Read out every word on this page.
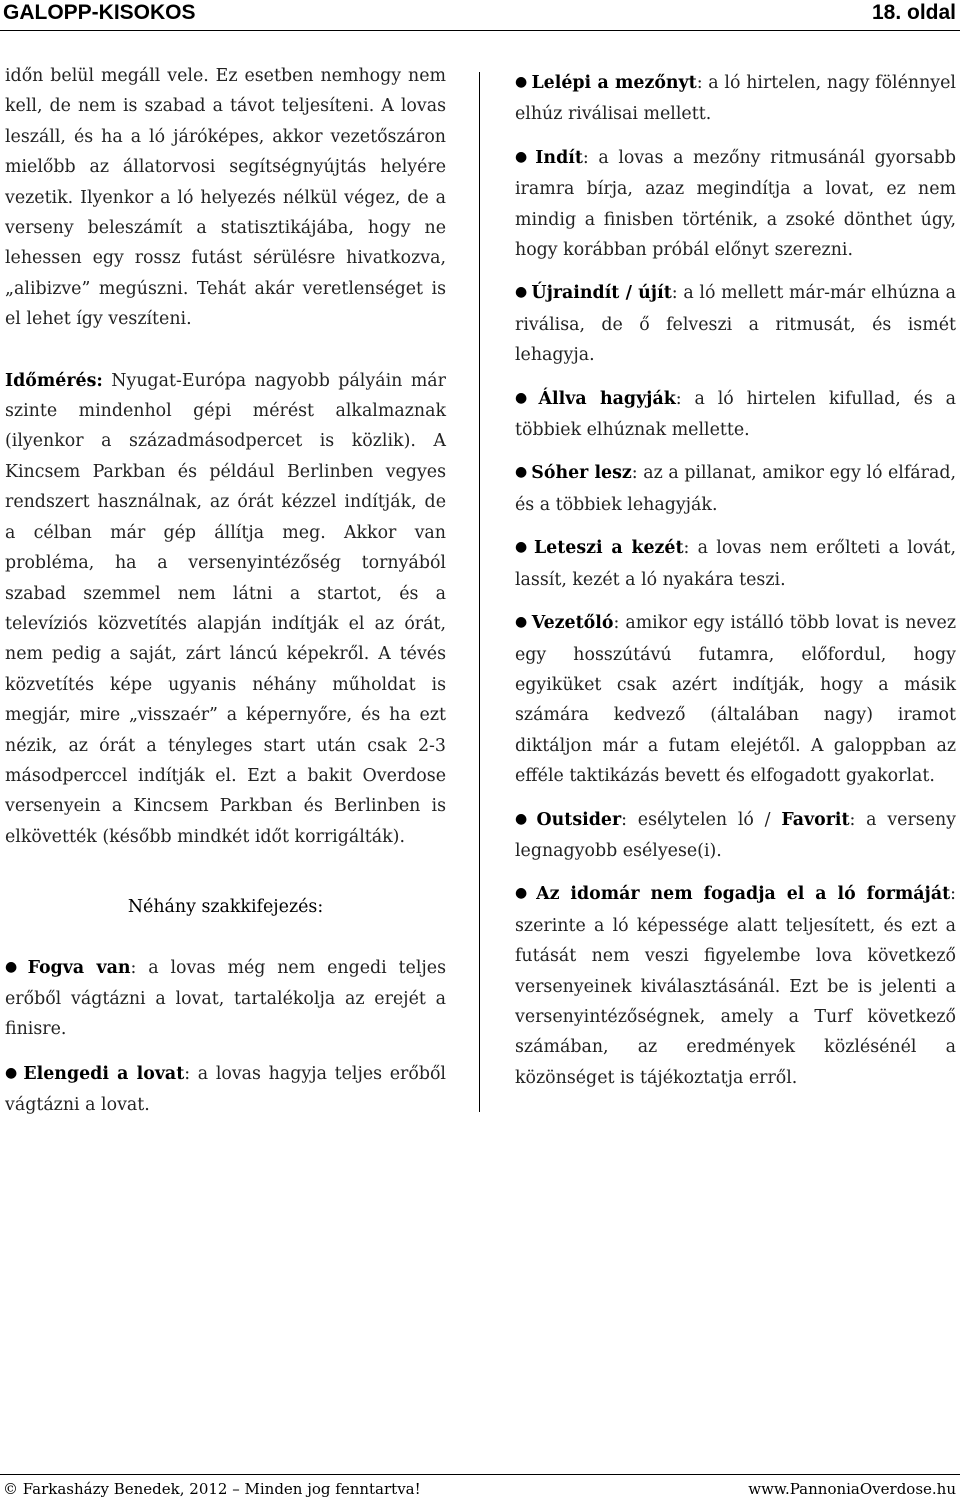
GALOPP-KISOKOS	18. oldal

időn belül megáll vele. Ez esetben nemhogy nem kell, de nem is szabad a távot teljesíteni. A lovas leszáll, és ha a ló járóképes, akkor vezetőszáron mielőbb az állatorvosi segítségnyújtás helyére vezetik. Ilyenkor a ló helyezés nélkül végez, de a verseny beleszámít a statisztikájába, hogy ne lehessen egy rossz futást sérülésre hivatkozva, „alibizve” megúszni. Tehát akár veretlenséget is el lehet így veszíteni.

Időmérés: Nyugat-Európa nagyobb pályáin már szinte mindenhol gépi mérést alkalmaznak (ilyenkor a századmásodpercet is közlik). A Kincsem Parkban és például Berlinben vegyes rendszert használnak, az órát kézzel indítják, de a célban már gép állítja meg. Akkor van probléma, ha a versenyintézőség tornyából szabad szemmel nem látni a startot, és a televíziós közvetítés alapján indítják el az órát, nem pedig a saját, zárt láncú képekről. A tévés közvetítés képe ugyanis néhány műholdat is megjár, mire „visszaér” a képernyőre, és ha ezt nézik, az órát a tényleges start után csak 2-3 másodperccel indítják el. Ezt a bakit Overdose versenyein a Kincsem Parkban és Berlinben is elkövették (később mindkét időt korrigálták).

Néhány szakkifejezés:

● Fogva van: a lovas még nem engedi teljes erőből vágtázni a lovat, tartalékolja az erejét a finisre.

● Elengedi a lovat: a lovas hagyja teljes erőből vágtázni a lovat.

● Lelépi a mezőnyt: a ló hirtelen, nagy fölénnyel elhúz riválisai mellett.

● Indít: a lovas a mezőny ritmusánál gyorsabb iramra bírja, azaz megindítja a lovat, ez nem mindig a finisben történik, a zsoké dönthet úgy, hogy korábban próbál előnyt szerezni.

● Újraindít / újít: a ló mellett már-már elhúzna a riválisa, de ő felveszi a ritmusát, és ismét lehagyja.

● Állva hagyják: a ló hirtelen kifullad, és a többiek elhúznak mellette.

● Sóher lesz: az a pillanat, amikor egy ló elfárad, és a többiek lehagyják.

● Leteszi a kezét: a lovas nem erőlteti a lovát, lassít, kezét a ló nyakára teszi.

● Vezetőló: amikor egy istálló több lovat is nevez egy hosszútávú futamra, előfordul, hogy egyiküket csak azért indítják, hogy a másik számára kedvező (általában nagy) iramot diktáljon már a futam elejétől. A galoppban az efféle taktikázás bevett és elfogadott gyakorlat.

● Outsider: esélytelen ló / Favorit: a verseny legnagyobb esélyese(i).

● Az idomár nem fogadja el a ló formáját: szerinte a ló képessége alatt teljesített, és ezt a futását nem veszi figyelembe lova következő versenyeinek kiválasztásánál. Ezt be is jelenti a versenyintézőségnek, amely a Turf következő számában, az eredmények közlésénél a közönséget is tájékoztatja erről.

© Farkasházy Benedek, 2012 – Minden jog fenntartva!	www.PannoniaOverdose.hu
